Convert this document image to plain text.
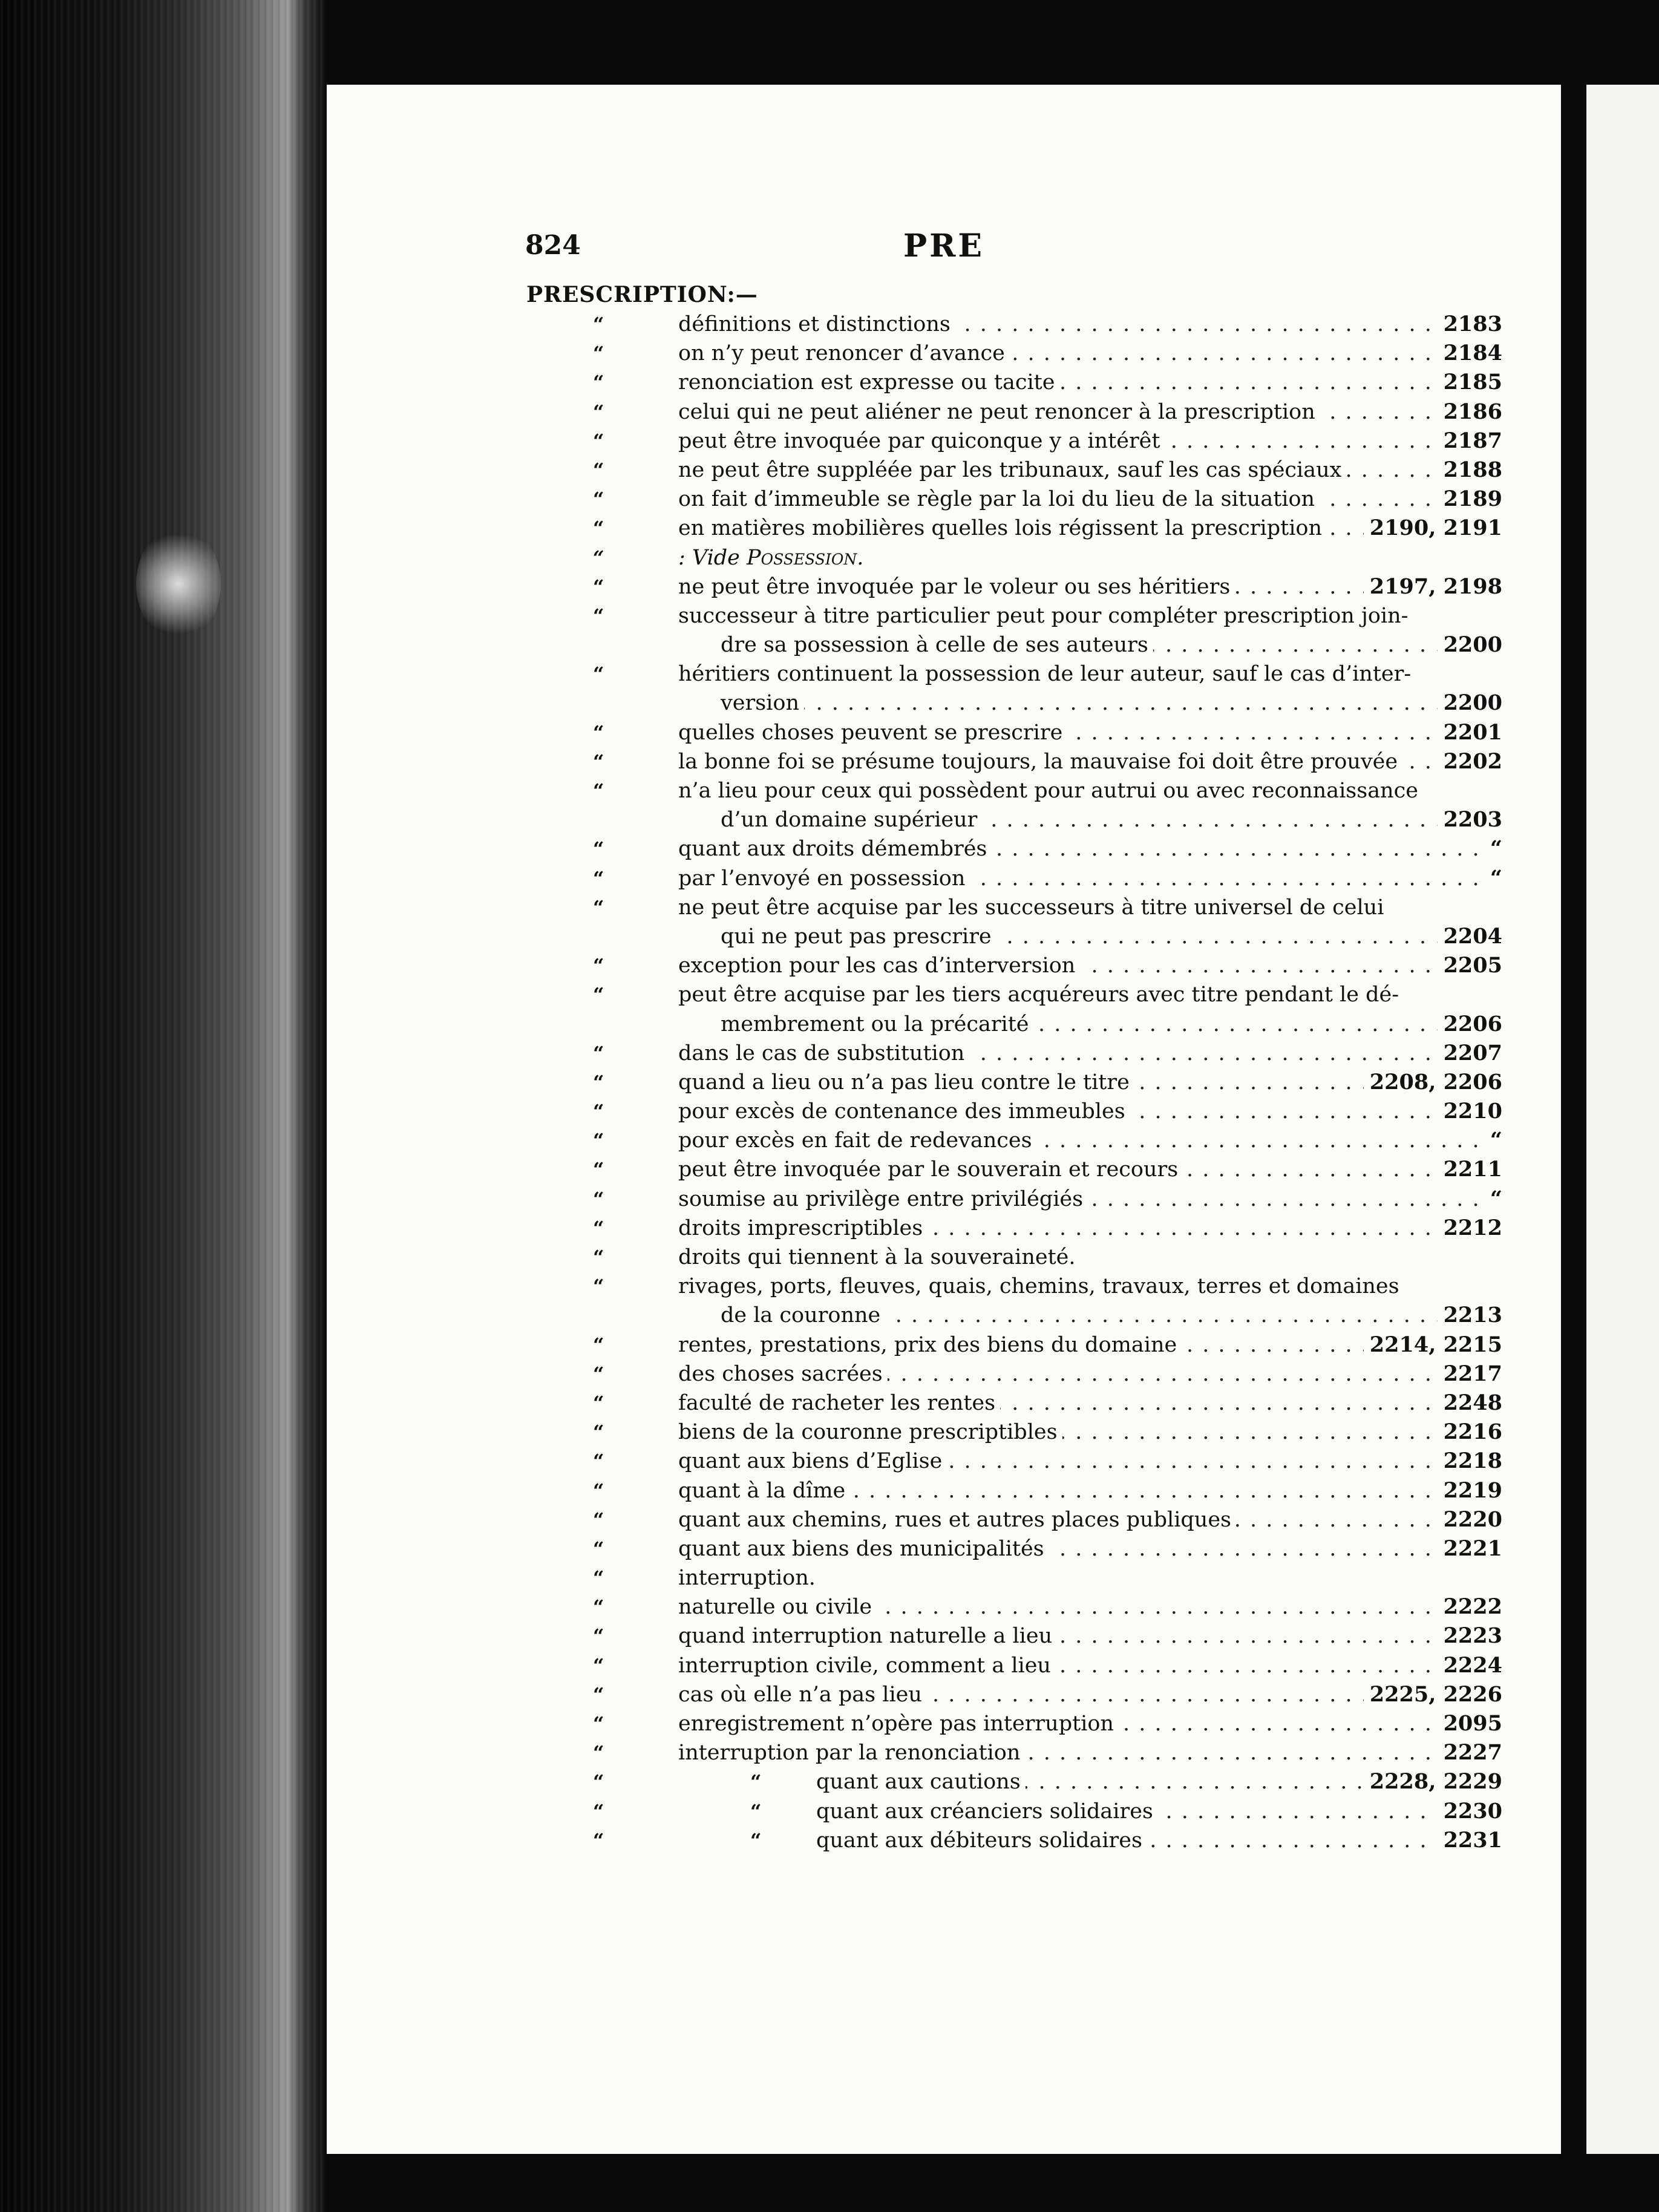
824	PRE
PRESCRIPTION:—
“	définitions et distinctions . . .	2183
“	on n’y peut renoncer d’avance . . .	2184
“	renonciation est expresse ou tacite . . .	2185
“	celui qui ne peut aliéner ne peut renoncer à la prescription . . .	2186
“	peut être invoquée par quiconque y a intérêt . . .	2187
“	ne peut être suppléée par les tribunaux, sauf les cas spéciaux . . .	2188
“	on fait d’immeuble se règle par la loi du lieu de la situation . . .	2189
“	en matières mobilières quelles lois régissent la prescription . . .	2190, 2191
“	: Vide Possession.
“	ne peut être invoquée par le voleur ou ses héritiers . . .	2197, 2198
“	successeur à titre particulier peut pour compléter prescription join-
dre sa possession à celle de ses auteurs . . .	2200
“	héritiers continuent la possession de leur auteur, sauf le cas d’inter-
version . . .	2200
“	quelles choses peuvent se prescrire . . .	2201
“	la bonne foi se présume toujours, la mauvaise foi doit être prouvée . . .	2202
“	n’a lieu pour ceux qui possèdent pour autrui ou avec reconnaissance
d’un domaine supérieur . . .	2203
“	quant aux droits démembrés . . .	“
“	par l’envoyé en possession . . .	“
“	ne peut être acquise par les successeurs à titre universel de celui
qui ne peut pas prescrire . . .	2204
“	exception pour les cas d’interversion . . .	2205
“	peut être acquise par les tiers acquéreurs avec titre pendant le dé-
membrement ou la précarité . . .	2206
“	dans le cas de substitution . . .	2207
“	quand a lieu ou n’a pas lieu contre le titre . . .	2208, 2206
“	pour excès de contenance des immeubles . . .	2210
“	pour excès en fait de redevances . . .	“
“	peut être invoquée par le souverain et recours . . .	2211
“	soumise au privilège entre privilégiés . . .	“
“	droits imprescriptibles . . .	2212
“	droits qui tiennent à la souveraineté.
“	rivages, ports, fleuves, quais, chemins, travaux, terres et domaines
de la couronne . . .	2213
“	rentes, prestations, prix des biens du domaine . . .	2214, 2215
“	des choses sacrées . . .	2217
“	faculté de racheter les rentes . . .	2248
“	biens de la couronne prescriptibles . . .	2216
“	quant aux biens d’Eglise . . .	2218
“	quant à la dîme . . .	2219
“	quant aux chemins, rues et autres places publiques . . .	2220
“	quant aux biens des municipalités . . .	2221
“	interruption.
“	naturelle ou civile . . .	2222
“	quand interruption naturelle a lieu . . .	2223
“	interruption civile, comment a lieu . . .	2224
“	cas où elle n’a pas lieu . . .	2225, 2226
“	enregistrement n’opère pas interruption . . .	2095
“	interruption par la renonciation . . .	2227
“	“	quant aux cautions . . .	2228, 2229
“	“	quant aux créanciers solidaires . . .	2230
“	“	quant aux débiteurs solidaires . . .	2231
